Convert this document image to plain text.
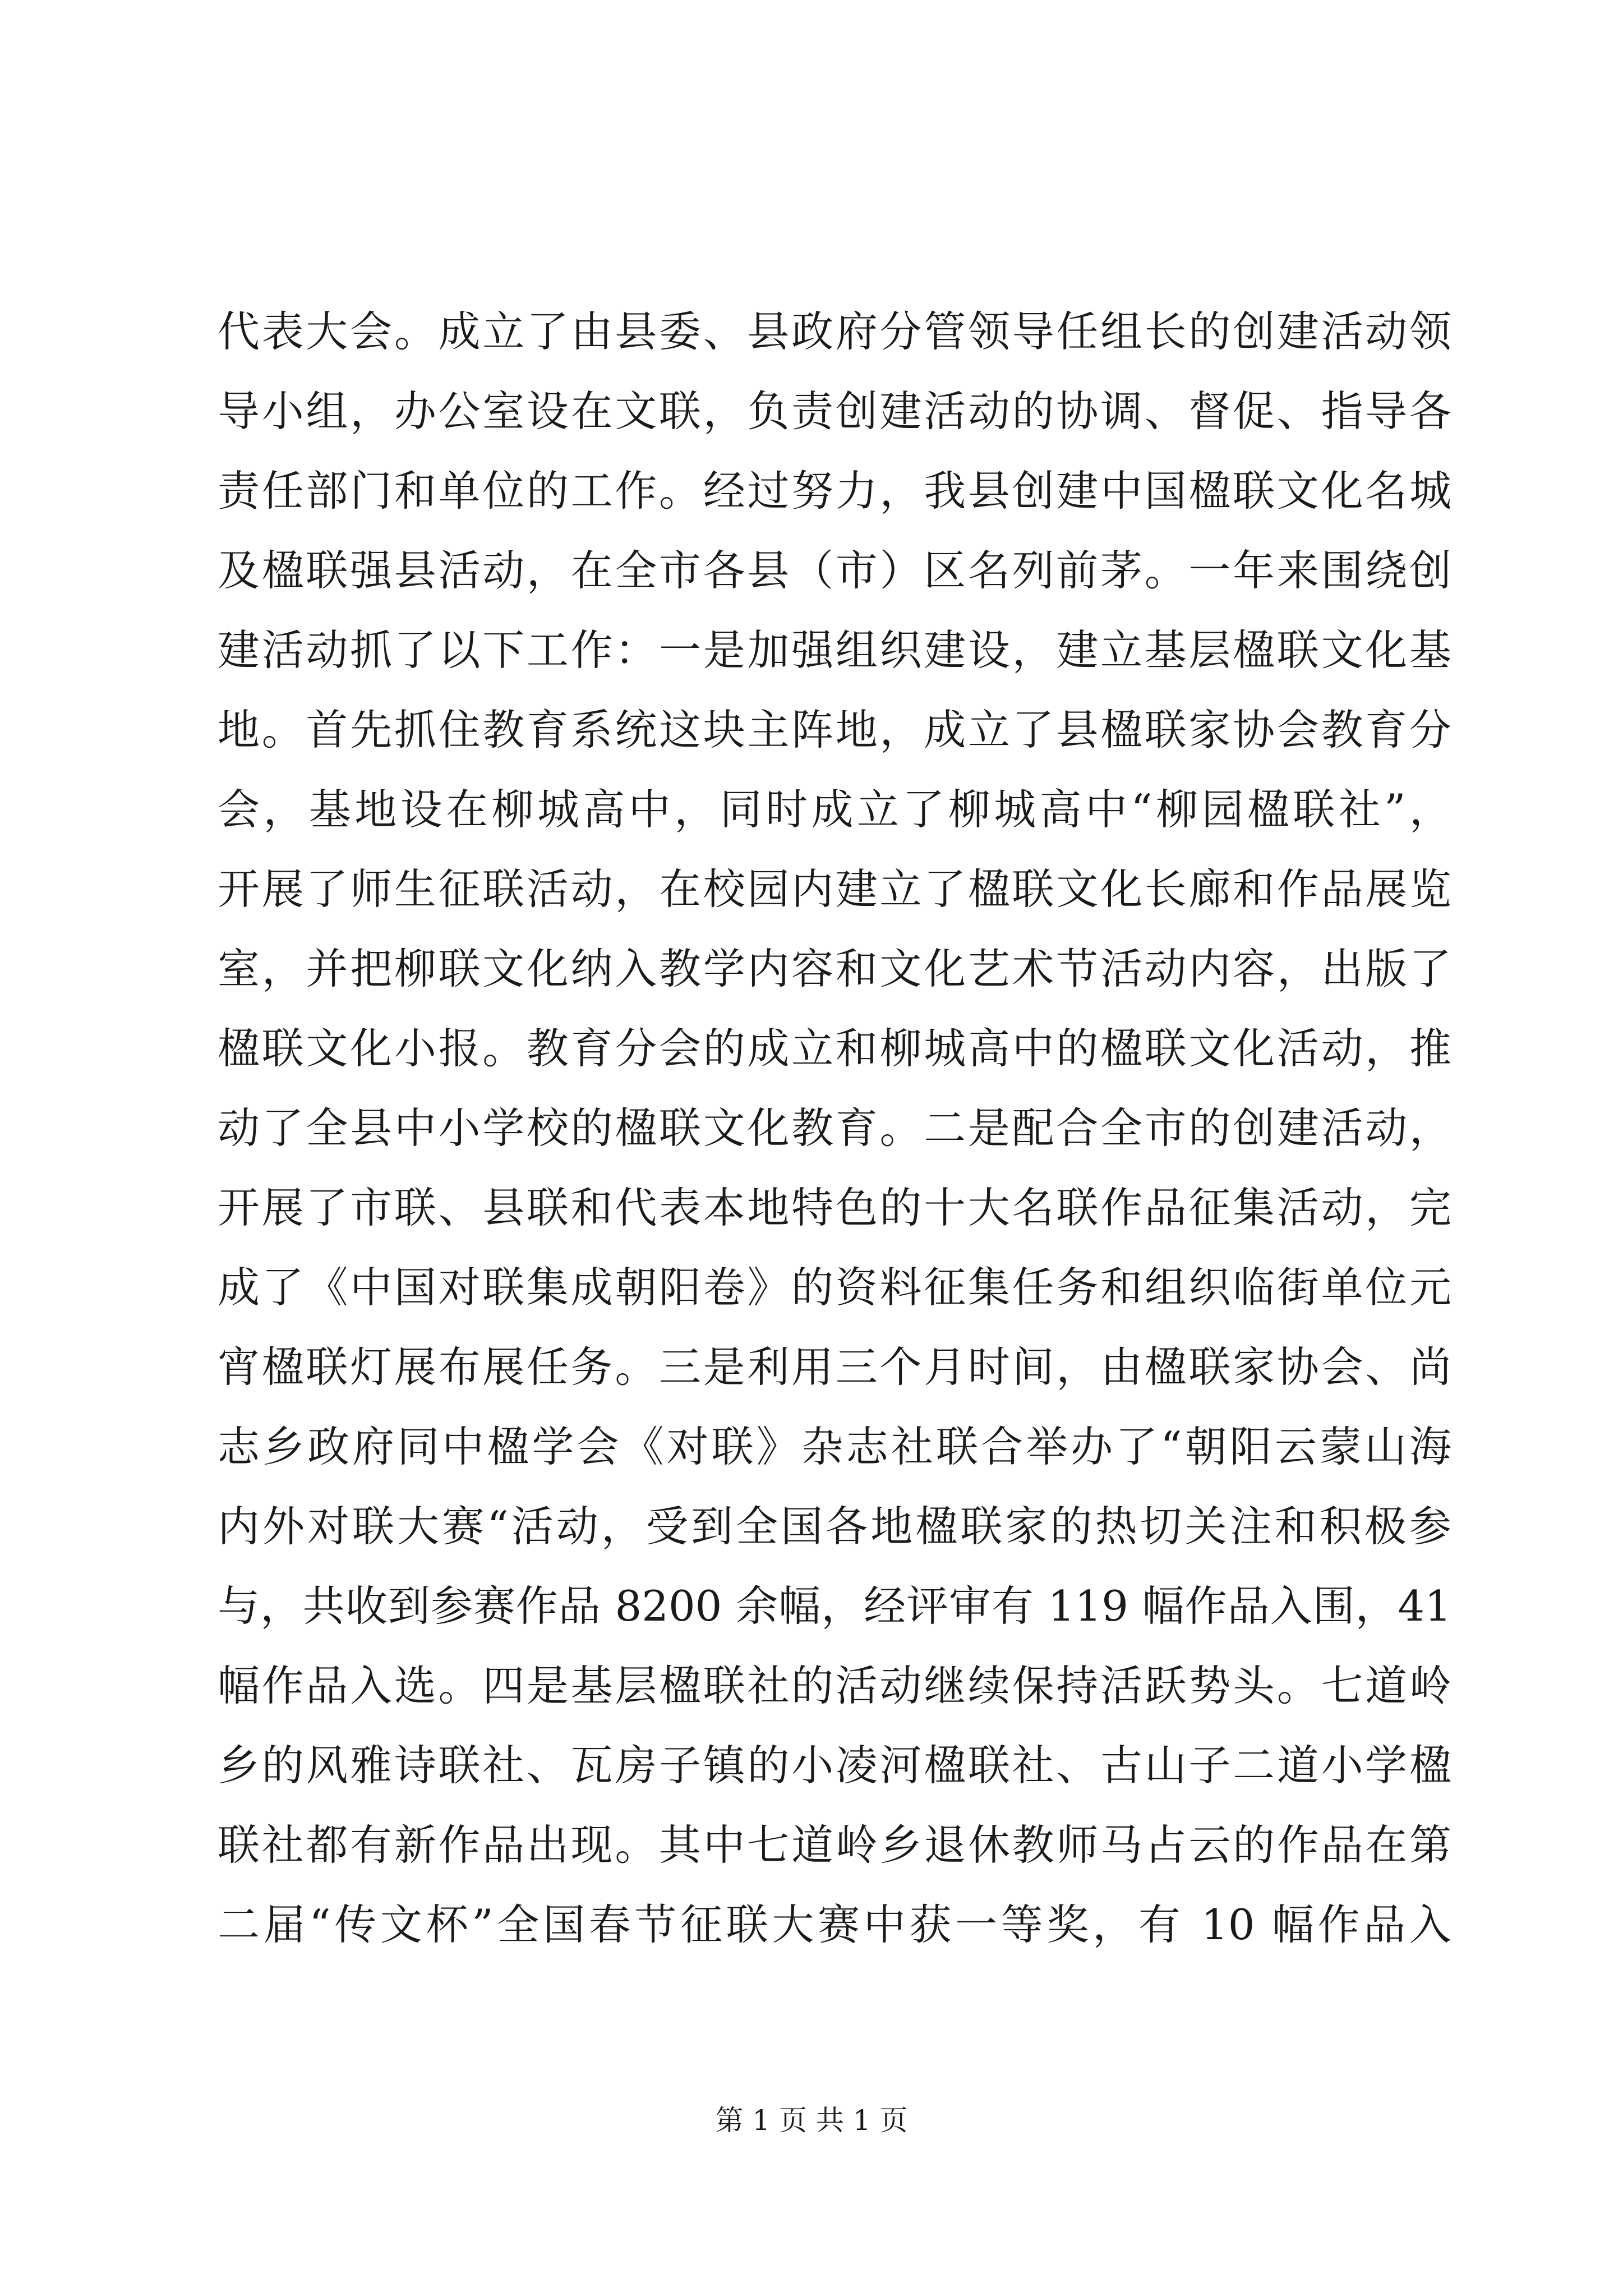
代表大会。成立了由县委、县政府分管领导任组长的创建活动领
导小组，办公室设在文联，负责创建活动的协调、督促、指导各
责任部门和单位的工作。经过努力，我县创建中国楹联文化名城
及楹联强县活动，在全市各县（市）区名列前茅。一年来围绕创
建活动抓了以下工作：一是加强组织建设，建立基层楹联文化基
地。首先抓住教育系统这块主阵地，成立了县楹联家协会教育分
会，基地设在柳城高中，同时成立了柳城高中“柳园楹联社”，
开展了师生征联活动，在校园内建立了楹联文化长廊和作品展览
室，并把柳联文化纳入教学内容和文化艺术节活动内容，出版了
楹联文化小报。教育分会的成立和柳城高中的楹联文化活动，推
动了全县中小学校的楹联文化教育。二是配合全市的创建活动，
开展了市联、县联和代表本地特色的十大名联作品征集活动，完
成了《中国对联集成朝阳卷》的资料征集任务和组织临街单位元
宵楹联灯展布展任务。三是利用三个月时间，由楹联家协会、尚
志乡政府同中楹学会《对联》杂志社联合举办了“朝阳云蒙山海
内外对联大赛“活动，受到全国各地楹联家的热切关注和积极参
与，共收到参赛作品 8200 余幅，经评审有 119 幅作品入围，41
幅作品入选。四是基层楹联社的活动继续保持活跃势头。七道岭
乡的风雅诗联社、瓦房子镇的小凌河楹联社、古山子二道小学楹
联社都有新作品出现。其中七道岭乡退休教师马占云的作品在第
二届“传文杯”全国春节征联大赛中获一等奖，有 10 幅作品入
第 1 页 共 1 页
